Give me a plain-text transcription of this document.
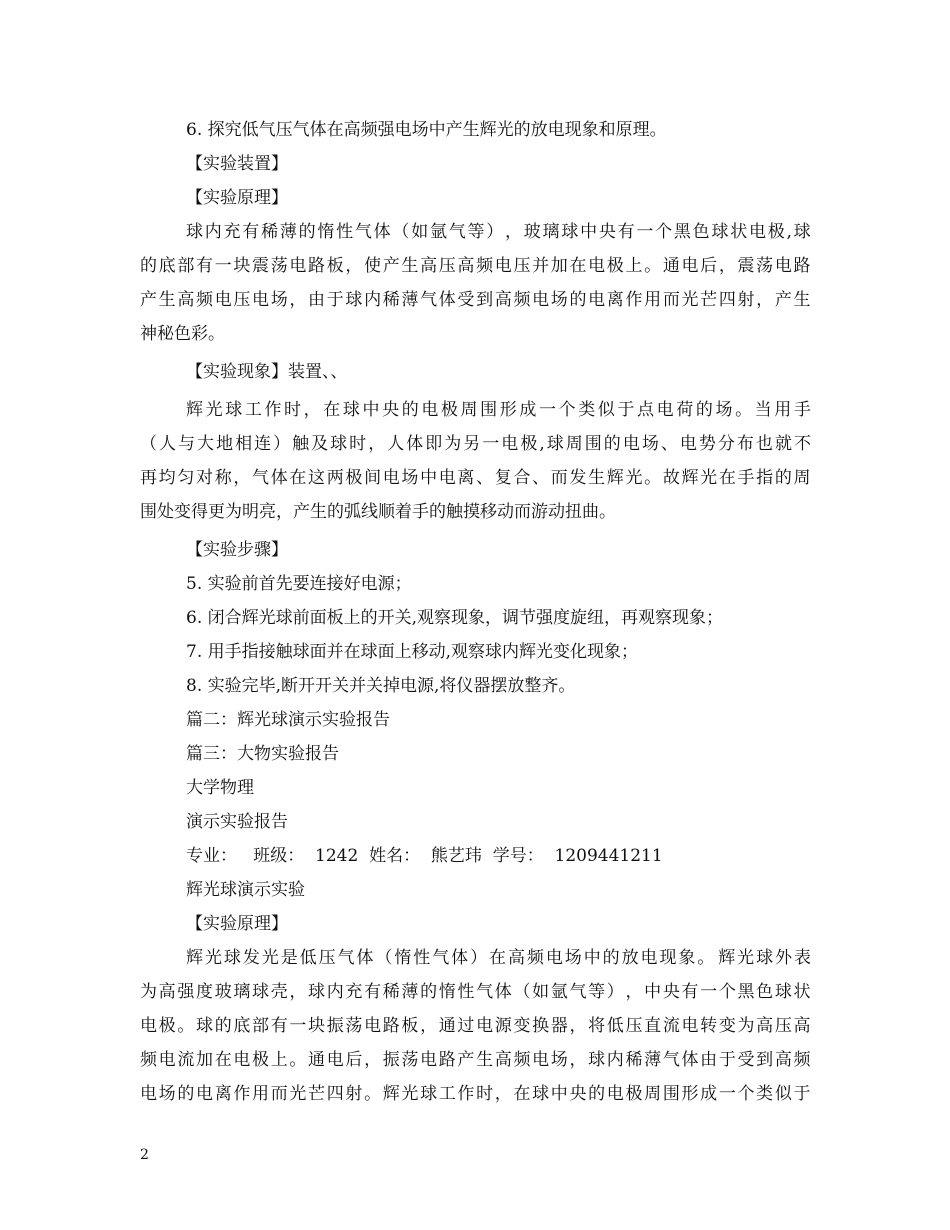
6. 探究低气压气体在高频强电场中产生辉光的放电现象和原理。
【实验装置】
【实验原理】
球 内 充 有 稀 薄 的 惰 性 气 体 （ 如 氩 气 等 ） ， 玻 璃 球 中 央 有 一 个 黑 色 球 状 电 极 , 球
的 底 部 有 一 块 震 荡 电 路 板 ， 使 产 生 高 压 高 频 电 压 并 加 在 电 极 上 。 通 电 后 ， 震 荡 电 路
产 生 高 频 电 压 电 场 ， 由 于 球 内 稀 薄 气 体 受 到 高 频 电 场 的 电 离 作 用 而 光 芒 四 射 ， 产 生
神秘色彩。
【实验现象】装置、、
辉 光 球 工 作 时 ， 在 球 中 央 的 电 极 周 围 形 成 一 个 类 似 于 点 电 荷 的 场 。 当 用 手
（ 人 与 大 地 相 连 ） 触 及 球 时 ， 人 体 即 为 另 一 电 极 , 球 周 围 的 电 场 、 电 势 分 布 也 就 不
再 均 匀 对 称 ， 气 体 在 这 两 极 间 电 场 中 电 离 、 复 合 、 而 发 生 辉 光 。 故 辉 光 在 手 指 的 周
围处变得更为明亮，产生的弧线顺着手的触摸移动而游动扭曲。
【实验步骤】
5. 实验前首先要连接好电源；
6. 闭合辉光球前面板上的开关,观察现象，调节强度旋纽，再观察现象；
7. 用手指接触球面并在球面上移动,观察球内辉光变化现象；
8. 实验完毕,断开开关并关掉电源,将仪器摆放整齐。
篇二：辉光球演示实验报告
篇三：大物实验报告
大学物理
演示实验报告
专业：   班级：  1242  姓名：  熊艺玮  学号：  1209441211
辉光球演示实验
【实验原理】
辉 光 球 发 光 是 低 压 气 体 （ 惰 性 气 体 ） 在 高 频 电 场 中 的 放 电 现 象 。 辉 光 球 外 表
为 高 强 度 玻 璃 球 壳 ， 球 内 充 有 稀 薄 的 惰 性 气 体 （ 如 氩 气 等 ） ， 中 央 有 一 个 黑 色 球 状
电 极 。 球 的 底 部 有 一 块 振 荡 电 路 板 ， 通 过 电 源 变 换 器 ， 将 低 压 直 流 电 转 变 为 高 压 高
频 电 流 加 在 电 极 上 。 通 电 后 ， 振 荡 电 路 产 生 高 频 电 场 ， 球 内 稀 薄 气 体 由 于 受 到 高 频
电 场 的 电 离 作 用 而 光 芒 四 射 。 辉 光 球 工 作 时 ， 在 球 中 央 的 电 极 周 围 形 成 一 个 类 似 于
2
